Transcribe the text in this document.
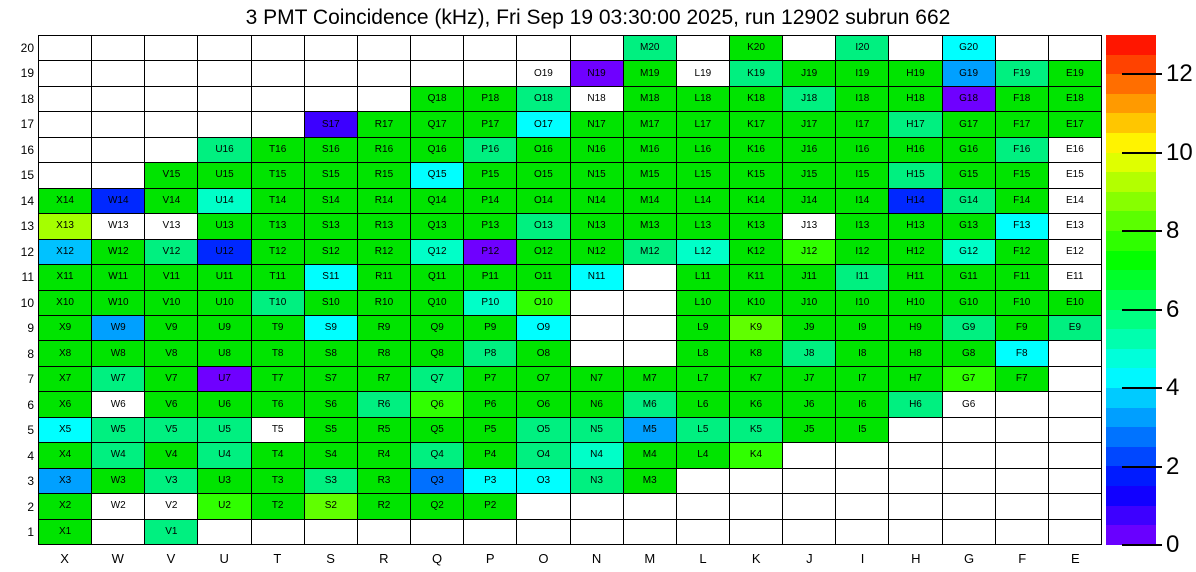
3 PMT Coincidence (kHz), Fri Sep 19 03:30:00 2025, run 12902 subrun 662
M20	K20	I20	G20
O19	N19	M19	L19	K19	J19	I19	H19	G19	F19	E19
Q18	P18	O18	N18	M18	L18	K18	J18	I18	H18	G18	F18	E18
S17	R17	Q17	P17	O17	N17	M17	L17	K17	J17	I17	H17	G17	F17	E17
U16	T16	S16	R16	Q16	P16	O16	N16	M16	L16	K16	J16	I16	H16	G16	F16	E16
V15	U15	T15	S15	R15	Q15	P15	O15	N15	M15	L15	K15	J15	I15	H15	G15	F15	E15
X14	W14	V14	U14	T14	S14	R14	Q14	P14	O14	N14	M14	L14	K14	J14	I14	H14	G14	F14	E14
X13	W13	V13	U13	T13	S13	R13	Q13	P13	O13	N13	M13	L13	K13	J13	I13	H13	G13	F13	E13
X12	W12	V12	U12	T12	S12	R12	Q12	P12	O12	N12	M12	L12	K12	J12	I12	H12	G12	F12	E12
X11	W11	V11	U11	T11	S11	R11	Q11	P11	O11	N11	L11	K11	J11	I11	H11	G11	F11	E11
X10	W10	V10	U10	T10	S10	R10	Q10	P10	O10	L10	K10	J10	I10	H10	G10	F10	E10
X9	W9	V9	U9	T9	S9	R9	Q9	P9	O9	L9	K9	J9	I9	H9	G9	F9	E9
X8	W8	V8	U8	T8	S8	R8	Q8	P8	O8	L8	K8	J8	I8	H8	G8	F8
X7	W7	V7	U7	T7	S7	R7	Q7	P7	O7	N7	M7	L7	K7	J7	I7	H7	G7	F7
X6	W6	V6	U6	T6	S6	R6	Q6	P6	O6	N6	M6	L6	K6	J6	I6	H6	G6
X5	W5	V5	U5	T5	S5	R5	Q5	P5	O5	N5	M5	L5	K5	J5	I5
X4	W4	V4	U4	T4	S4	R4	Q4	P4	O4	N4	M4	L4	K4
X3	W3	V3	U3	T3	S3	R3	Q3	P3	O3	N3	M3
X2	W2	V2	U2	T2	S2	R2	Q2	P2
X1	V1
20
19
18
17
16
15
14
13
12
11
10
9
8
7
6
5
4
3
2
1
X	W	V	U	T	S	R	Q	P	O	N	M	L	K	J	I	H	G	F	E
12
10
8
6
4
2
0
